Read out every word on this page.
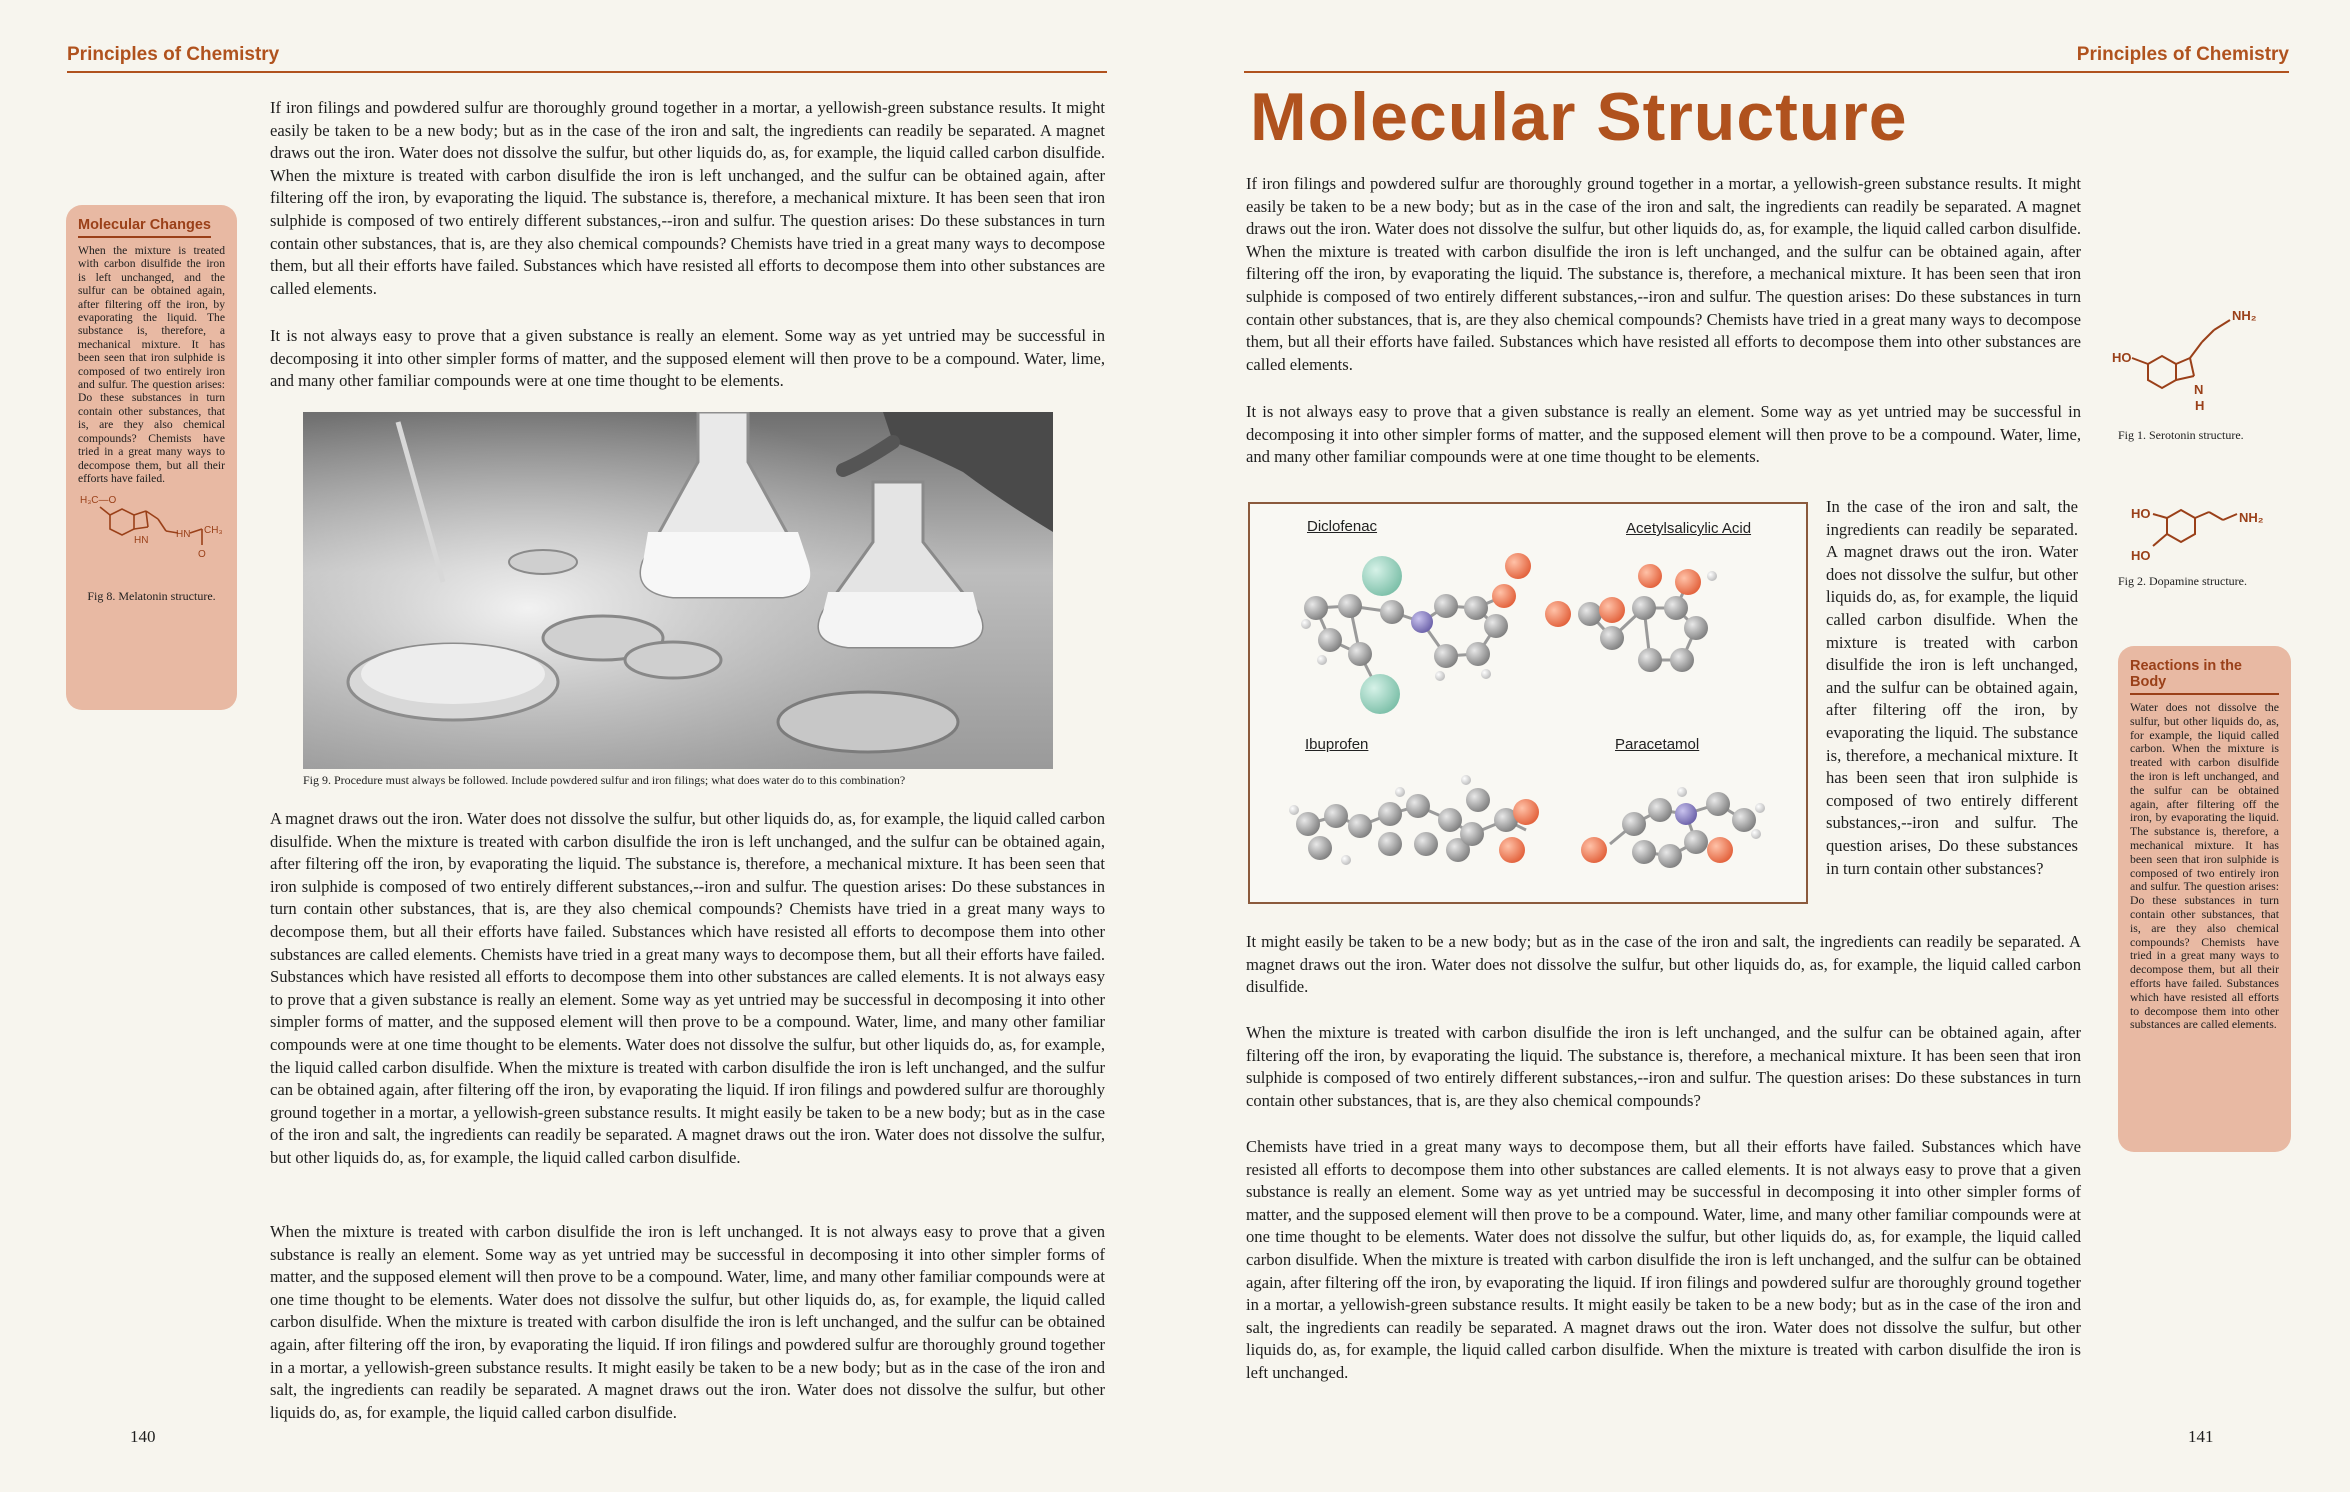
Principles of Chemistry
Molecular Changes

When the mixture is treated with carbon disulfide the iron is left unchanged, and the sulfur can be obtained again, after filtering off the iron, by evaporating the liquid. The substance is, therefore, a mechanical mixture. It has been seen that iron sulphide is composed of two entirely iron and sulfur. The question arises: Do these substances in turn contain other substances, that is, are they also chemical compounds? Chemists have tried in a great many ways to decompose them, but all their efforts have failed.

H₃C—O
HN
HN CH₃
O
Fig 8. Melatonin structure.

If iron filings and powdered sulfur are thoroughly ground together in a mortar, a yellowish-green substance results. It might easily be taken to be a new body; but as in the case of the iron and salt, the ingredients can readily be separated. A magnet draws out the iron. Water does not dissolve the sulfur, but other liquids do, as, for example, the liquid called carbon disulfide. When the mixture is treated with carbon disulfide the iron is left unchanged, and the sulfur can be obtained again, after filtering off the iron, by evaporating the liquid. The substance is, therefore, a mechanical mixture. It has been seen that iron sulphide is composed of two entirely different substances,--iron and sulfur. The question arises: Do these substances in turn contain other substances, that is, are they also chemical compounds? Chemists have tried in a great many ways to decompose them, but all their efforts have failed. Substances which have resisted all efforts to decompose them into other substances are called elements.

It is not always easy to prove that a given substance is really an element. Some way as yet untried may be successful in decomposing it into other simpler forms of matter, and the supposed element will then prove to be a compound. Water, lime, and many other familiar compounds were at one time thought to be elements.

Fig 9. Procedure must always be followed. Include powdered sulfur and iron filings; what does water do to this combination?

A magnet draws out the iron. Water does not dissolve the sulfur, but other liquids do, as, for example, the liquid called carbon disulfide. When the mixture is treated with carbon disulfide the iron is left unchanged, and the sulfur can be obtained again, after filtering off the iron, by evaporating the liquid. The substance is, therefore, a mechanical mixture. It has been seen that iron sulphide is composed of two entirely different substances,--iron and sulfur. The question arises: Do these substances in turn contain other substances, that is, are they also chemical compounds? Chemists have tried in a great many ways to decompose them, but all their efforts have failed. Substances which have resisted all efforts to decompose them into other substances are called elements. Chemists have tried in a great many ways to decompose them, but all their efforts have failed. Substances which have resisted all efforts to decompose them into other substances are called elements. It is not always easy to prove that a given substance is really an element. Some way as yet untried may be successful in decomposing it into other simpler forms of matter, and the supposed element will then prove to be a compound. Water, lime, and many other familiar compounds were at one time thought to be elements. Water does not dissolve the sulfur, but other liquids do, as, for example, the liquid called carbon disulfide. When the mixture is treated with carbon disulfide the iron is left unchanged, and the sulfur can be obtained again, after filtering off the iron, by evaporating the liquid. If iron filings and powdered sulfur are thoroughly ground together in a mortar, a yellowish-green substance results. It might easily be taken to be a new body; but as in the case of the iron and salt, the ingredients can readily be separated. A magnet draws out the iron. Water does not dissolve the sulfur, but other liquids do, as, for example, the liquid called carbon disulfide.

When the mixture is treated with carbon disulfide the iron is left unchanged. It is not always easy to prove that a given substance is really an element. Some way as yet untried may be successful in decomposing it into other simpler forms of matter, and the supposed element will then prove to be a compound. Water, lime, and many other familiar compounds were at one time thought to be elements. Water does not dissolve the sulfur, but other liquids do, as, for example, the liquid called carbon disulfide. When the mixture is treated with carbon disulfide the iron is left unchanged, and the sulfur can be obtained again, after filtering off the iron, by evaporating the liquid. If iron filings and powdered sulfur are thoroughly ground together in a mortar, a yellowish-green substance results. It might easily be taken to be a new body; but as in the case of the iron and salt, the ingredients can readily be separated. A magnet draws out the iron. Water does not dissolve the sulfur, but other liquids do, as, for example, the liquid called carbon disulfide.

140
Principles of Chemistry
Molecular Structure

If iron filings and powdered sulfur are thoroughly ground together in a mortar, a yellowish-green substance results. It might easily be taken to be a new body; but as in the case of the iron and salt, the ingredients can readily be separated. A magnet draws out the iron. Water does not dissolve the sulfur, but other liquids do, as, for example, the liquid called carbon disulfide. When the mixture is treated with carbon disulfide the iron is left unchanged, and the sulfur can be obtained again, after filtering off the iron, by evaporating the liquid. The substance is, therefore, a mechanical mixture. It has been seen that iron sulphide is composed of two entirely different substances,--iron and sulfur. The question arises: Do these substances in turn contain other substances, that is, are they also chemical compounds? Chemists have tried in a great many ways to decompose them, but all their efforts have failed. Substances which have resisted all efforts to decompose them into other substances are called elements.

It is not always easy to prove that a given substance is really an element. Some way as yet untried may be successful in decomposing it into other simpler forms of matter, and the supposed element will then prove to be a compound. Water, lime, and many other familiar compounds were at one time thought to be elements.

Diclofenac	Acetylsalicylic Acid
Ibuprofen	Paracetamol

In the case of the iron and salt, the ingredients can readily be separated. A magnet draws out the iron. Water does not dissolve the sulfur, but other liquids do, as, for example, the liquid called carbon disulfide. When the mixture is treated with carbon disulfide the iron is left unchanged, and the sulfur can be obtained again, after filtering off the iron, by evaporating the liquid. The substance is, therefore, a mechanical mixture. It has been seen that iron sulphide is composed of two entirely different substances,--iron and sulfur. The question arises, Do these substances in turn contain other substances?

It might easily be taken to be a new body; but as in the case of the iron and salt, the ingredients can readily be separated. A magnet draws out the iron. Water does not dissolve the sulfur, but other liquids do, as, for example, the liquid called carbon disulfide.

When the mixture is treated with carbon disulfide the iron is left unchanged, and the sulfur can be obtained again, after filtering off the iron, by evaporating the liquid. The substance is, therefore, a mechanical mixture. It has been seen that iron sulphide is composed of two entirely different substances,--iron and sulfur. The question arises: Do these substances in turn contain other substances, that is, are they also chemical compounds?

Chemists have tried in a great many ways to decompose them, but all their efforts have failed. Substances which have resisted all efforts to decompose them into other substances are called elements. It is not always easy to prove that a given substance is really an element. Some way as yet untried may be successful in decomposing it into other simpler forms of matter, and the supposed element will then prove to be a compound. Water, lime, and many other familiar compounds were at one time thought to be elements. Water does not dissolve the sulfur, but other liquids do, as, for example, the liquid called carbon disulfide. When the mixture is treated with carbon disulfide the iron is left unchanged, and the sulfur can be obtained again, after filtering off the iron, by evaporating the liquid. If iron filings and powdered sulfur are thoroughly ground together in a mortar, a yellowish-green substance results. It might easily be taken to be a new body; but as in the case of the iron and salt, the ingredients can readily be separated. A magnet draws out the iron. Water does not dissolve the sulfur, but other liquids do, as, for example, the liquid called carbon disulfide. When the mixture is treated with carbon disulfide the iron is left unchanged.

141
HO
NH₂
N
H
Fig 1. Serotonin structure.
HO
HO
NH₂
Fig 2. Dopamine structure.
Reactions in the Body

Water does not dissolve the sulfur, but other liquids do, as, for example, the liquid called carbon. When the mixture is treated with carbon disulfide the iron is left unchanged, and the sulfur can be obtained again, after filtering off the iron, by evaporating the liquid. The substance is, therefore, a mechanical mixture. It has been seen that iron sulphide is composed of two entirely iron and sulfur. The question arises: Do these substances in turn contain other substances, that is, are they also chemical compounds? Chemists have tried in a great many ways to decompose them, but all their efforts have failed. Substances which have resisted all efforts to decompose them into other substances are called elements.
